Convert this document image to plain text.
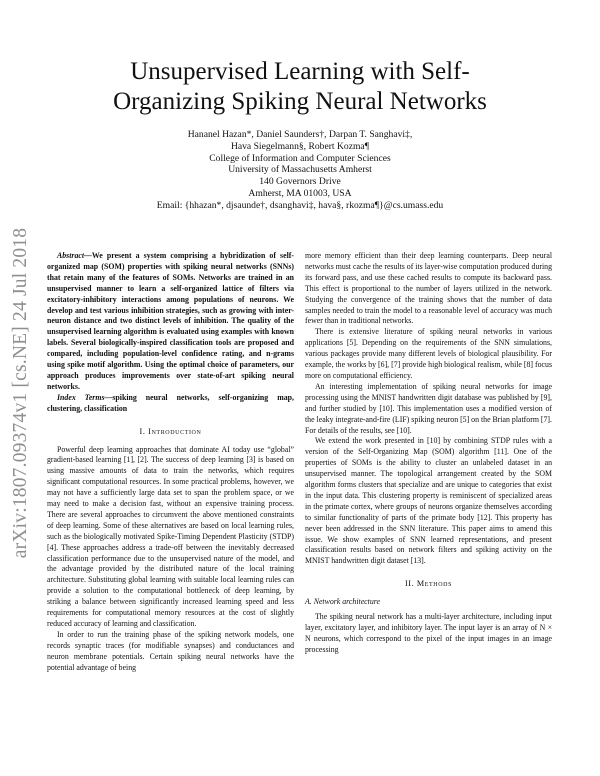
arXiv:1807.09374v1 [cs.NE] 24 Jul 2018
Unsupervised Learning with Self-Organizing Spiking Neural Networks
Hananel Hazan*, Daniel Saunders†, Darpan T. Sanghavi‡,
Hava Siegelmann§, Robert Kozma¶
College of Information and Computer Sciences
University of Massachusetts Amherst
140 Governors Drive
Amherst, MA 01003, USA
Email: {hhazan*, djsaunde†, dsanghavi‡, hava§, rkozma¶}@cs.umass.edu

Abstract—We present a system comprising a hybridization of self-organized map (SOM) properties with spiking neural networks (SNNs) that retain many of the features of SOMs. Networks are trained in an unsupervised manner to learn a self-organized lattice of filters via excitatory-inhibitory interactions among populations of neurons. We develop and test various inhibition strategies, such as growing with inter-neuron distance and two distinct levels of inhibition. The quality of the unsupervised learning algorithm is evaluated using examples with known labels. Several biologically-inspired classification tools are proposed and compared, including population-level confidence rating, and n-grams using spike motif algorithm. Using the optimal choice of parameters, our approach produces improvements over state-of-art spiking neural networks.

Index Terms—spiking neural networks, self-organizing map, clustering, classification

I. Introduction

Powerful deep learning approaches that dominate AI today use “global” gradient-based learning [1], [2]. The success of deep learning [3] is based on using massive amounts of data to train the networks, which requires significant computational resources. In some practical problems, however, we may not have a sufficiently large data set to span the problem space, or we may need to make a decision fast, without an expensive training process. There are several approaches to circumvent the above mentioned constraints of deep learning. Some of these alternatives are based on local learning rules, such as the biologically motivated Spike-Timing Dependent Plasticity (STDP) [4]. These approaches address a trade-off between the inevitably decreased classification performance due to the unsupervised nature of the model, and the advantage provided by the distributed nature of the local training architecture. Substituting global learning with suitable local learning rules can provide a solution to the computational bottleneck of deep learning, by striking a balance between significantly increased learning speed and less requirements for computational memory resources at the cost of slightly reduced accuracy of learning and classification.

In order to run the training phase of the spiking network models, one records synaptic traces (for modifiable synapses) and conductances and neuron membrane potentials. Certain spiking neural networks have the potential advantage of being

more memory efficient than their deep learning counterparts. Deep neural networks must cache the results of its layer-wise computation produced during its forward pass, and use these cached results to compute its backward pass. This effect is proportional to the number of layers utilized in the network. Studying the convergence of the training shows that the number of data samples needed to train the model to a reasonable level of accuracy was much fewer than in traditional networks.

There is extensive literature of spiking neural networks in various applications [5]. Depending on the requirements of the SNN simulations, various packages provide many different levels of biological plausibility. For example, the works by [6], [7] provide high biological realism, while [8] focus more on computational efficiency.

An interesting implementation of spiking neural networks for image processing using the MNIST handwritten digit database was published by [9], and further studied by [10]. This implementation uses a modified version of the leaky integrate-and-fire (LIF) spiking neuron [5] on the Brian platform [7]. For details of the results, see [10].

We extend the work presented in [10] by combining STDP rules with a version of the Self-Organizing Map (SOM) algorithm [11]. One of the properties of SOMs is the ability to cluster an unlabeled dataset in an unsupervised manner. The topological arrangement created by the SOM algorithm forms clusters that specialize and are unique to categories that exist in the input data. This clustering property is reminiscent of specialized areas in the primate cortex, where groups of neurons organize themselves according to similar functionality of parts of the primate body [12]. This property has never been addressed in the SNN literature. This paper aims to amend this issue. We show examples of SNN learned representations, and present classification results based on network filters and spiking activity on the MNIST handwritten digit dataset [13].

II. Methods
A. Network architecture

The spiking neural network has a multi-layer architecture, including input layer, excitatory layer, and inhibitory layer. The input layer is an array of N × N neurons, which correspond to the pixel of the input images in an image processing
